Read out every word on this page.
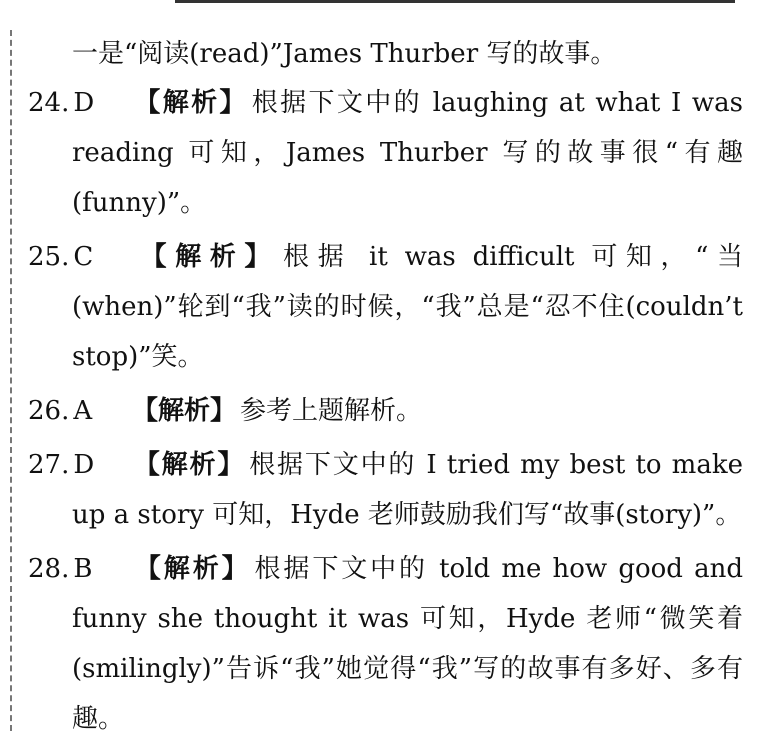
一是“阅读(read)”James Thurber 写的故事。

24. D	【解析】 根据下文中的 laughing at what I was reading 可知，James Thurber 写的故事很“有趣(funny)”。

25. C	【解析】 根据 it was difficult 可知，“当(when)”轮到“我”读的时候，“我”总是“忍不住(couldn’t stop)”笑。

26. A	【解析】 参考上题解析。

27. D	【解析】 根据下文中的 I tried my best to make up a story 可知，Hyde 老师鼓励我们写“故事(story)”。

28. B	【解析】 根据下文中的 told me how good and funny she thought it was 可知，Hyde 老师“微笑着(smilingly)”告诉“我”她觉得“我”写的故事有多好、多有趣。
